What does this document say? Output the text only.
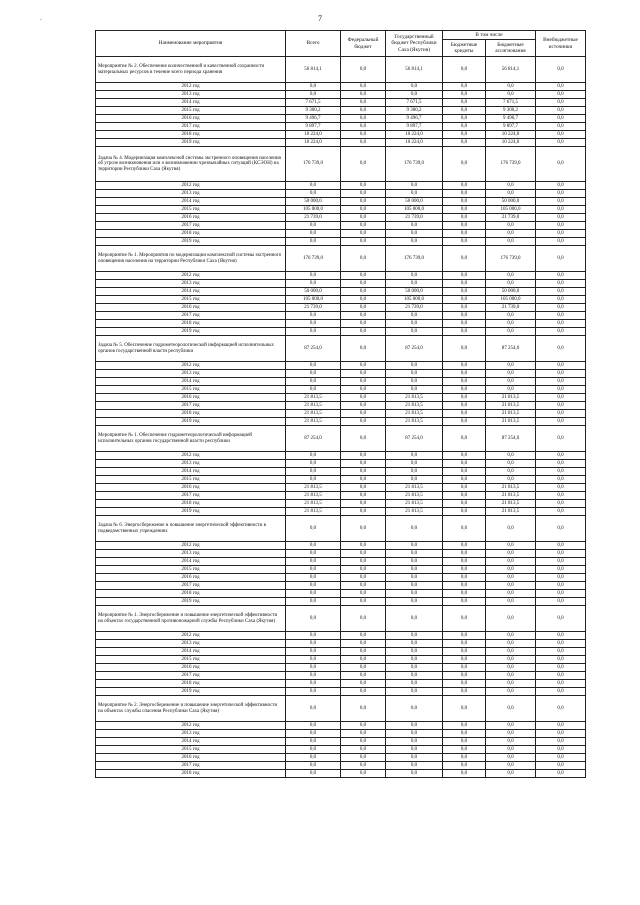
7
-
Наименование мероприятия	Всего	Федеральный бюджет	Государственный бюджет Республики Саха (Якутия)	В том числе		Внебюджетные источники
				Бюджетные кредиты	Бюджетные ассигнования	
Мероприятие № 2. Обеспечение количественной и качественной сохранности материальных ресурсов в течение всего периода хранения	56 814,1	0,0	56 814,1	0,0	56 814,1	0,0
2012 год	0,0	0,0	0,0	0,0	0,0	0,0
2013 год	0,0	0,0	0,0	0,0	0,0	0,0
2014 год	7 671,5	0,0	7 671,5	0,0	7 671,5	0,0
2015 год	9 300,2	0,0	9 300,2	0,0	9 300,2	0,0
2016 год	9 496,7	0,0	9 496,7	0,0	9 496,7	0,0
2017 год	9 897,7	0,0	9 897,7	0,0	9 897,7	0,0
2018 год	10 224,0	0,0	10 224,0	0,0	10 224,0	0,0
2019 год	10 224,0	0,0	10 224,0	0,0	10 224,0	0,0
Задача № 4. Модернизация комплексной системы экстренного оповещения населения об угрозе возникновения или о возникновении чрезвычайных ситуаций (КСЭОН) на территории Республики Саха (Якутия)	176 739,0	0,0	176 739,0	0,0	176 739,0	0,0
2012 год	0,0	0,0	0,0	0,0	0,0	0,0
2013 год	0,0	0,0	0,0	0,0	0,0	0,0
2014 год	50 000,0	0,0	50 000,0	0,0	50 000,0	0,0
2015 год	105 000,0	0,0	105 000,0	0,0	105 000,0	0,0
2016 год	21 739,0	0,0	21 739,0	0,0	21 739,0	0,0
2017 год	0,0	0,0	0,0	0,0	0,0	0,0
2018 год	0,0	0,0	0,0	0,0	0,0	0,0
2019 год	0,0	0,0	0,0	0,0	0,0	0,0
Мероприятие № 1. Мероприятия по модернизации комплексной системы экстренного оповещения населения на территории Республики Саха (Якутия)	176 739,0	0,0	176 739,0	0,0	176 739,0	0,0
2012 год	0,0	0,0	0,0	0,0	0,0	0,0
2013 год	0,0	0,0	0,0	0,0	0,0	0,0
2014 год	50 000,0	0,0	50 000,0	0,0	50 000,0	0,0
2015 год	105 000,0	0,0	105 000,0	0,0	105 000,0	0,0
2016 год	21 739,0	0,0	21 739,0	0,0	21 739,0	0,0
2017 год	0,0	0,0	0,0	0,0	0,0	0,0
2018 год	0,0	0,0	0,0	0,0	0,0	0,0
2019 год	0,0	0,0	0,0	0,0	0,0	0,0
Задача № 5. Обеспечение гидрометеорологической информацией исполнительных органов государственной власти республики	87 254,0	0,0	87 254,0	0,0	87 254,0	0,0
2012 год	0,0	0,0	0,0	0,0	0,0	0,0
2013 год	0,0	0,0	0,0	0,0	0,0	0,0
2014 год	0,0	0,0	0,0	0,0	0,0	0,0
2015 год	0,0	0,0	0,0	0,0	0,0	0,0
2016 год	21 813,5	0,0	21 813,5	0,0	21 813,5	0,0
2017 год	21 813,5	0,0	21 813,5	0,0	21 813,5	0,0
2018 год	21 813,5	0,0	21 813,5	0,0	21 813,5	0,0
2019 год	21 813,5	0,0	21 813,5	0,0	21 813,5	0,0
Мероприятие № 1. Обеспечение гидрометеорологической информацией исполнительных органов государственной власти республики	87 254,0	0,0	87 254,0	0,0	87 254,0	0,0
2012 год	0,0	0,0	0,0	0,0	0,0	0,0
2013 год	0,0	0,0	0,0	0,0	0,0	0,0
2014 год	0,0	0,0	0,0	0,0	0,0	0,0
2015 год	0,0	0,0	0,0	0,0	0,0	0,0
2016 год	21 813,5	0,0	21 813,5	0,0	21 813,5	0,0
2017 год	21 813,5	0,0	21 813,5	0,0	21 813,5	0,0
2018 год	21 813,5	0,0	21 813,5	0,0	21 813,5	0,0
2019 год	21 813,5	0,0	21 813,5	0,0	21 813,5	0,0
Задача № 6. Энергосбережение и повышение энергетической эффективности в подведомственных учреждениях	0,0	0,0	0,0	0,0	0,0	0,0
2012 год	0,0	0,0	0,0	0,0	0,0	0,0
2013 год	0,0	0,0	0,0	0,0	0,0	0,0
2014 год	0,0	0,0	0,0	0,0	0,0	0,0
2015 год	0,0	0,0	0,0	0,0	0,0	0,0
2016 год	0,0	0,0	0,0	0,0	0,0	0,0
2017 год	0,0	0,0	0,0	0,0	0,0	0,0
2018 год	0,0	0,0	0,0	0,0	0,0	0,0
2019 год	0,0	0,0	0,0	0,0	0,0	0,0
Мероприятие № 1. Энергосбережение и повышение энергетической эффективности на объектах государственной противопожарной службы Республики Саха (Якутия)	0,0	0,0	0,0	0,0	0,0	0,0
2012 год	0,0	0,0	0,0	0,0	0,0	0,0
2013 год	0,0	0,0	0,0	0,0	0,0	0,0
2014 год	0,0	0,0	0,0	0,0	0,0	0,0
2015 год	0,0	0,0	0,0	0,0	0,0	0,0
2016 год	0,0	0,0	0,0	0,0	0,0	0,0
2017 год	0,0	0,0	0,0	0,0	0,0	0,0
2018 год	0,0	0,0	0,0	0,0	0,0	0,0
2019 год	0,0	0,0	0,0	0,0	0,0	0,0
Мероприятие № 2. Энергосбережение и повышение энергетической эффективности на объектах службы спасения Республики Саха (Якутия)	0,0	0,0	0,0	0,0	0,0	0,0
2012 год	0,0	0,0	0,0	0,0	0,0	0,0
2013 год	0,0	0,0	0,0	0,0	0,0	0,0
2014 год	0,0	0,0	0,0	0,0	0,0	0,0
2015 год	0,0	0,0	0,0	0,0	0,0	0,0
2016 год	0,0	0,0	0,0	0,0	0,0	0,0
2017 год	0,0	0,0	0,0	0,0	0,0	0,0
2018 год	0,0	0,0	0,0	0,0	0,0	0,0
